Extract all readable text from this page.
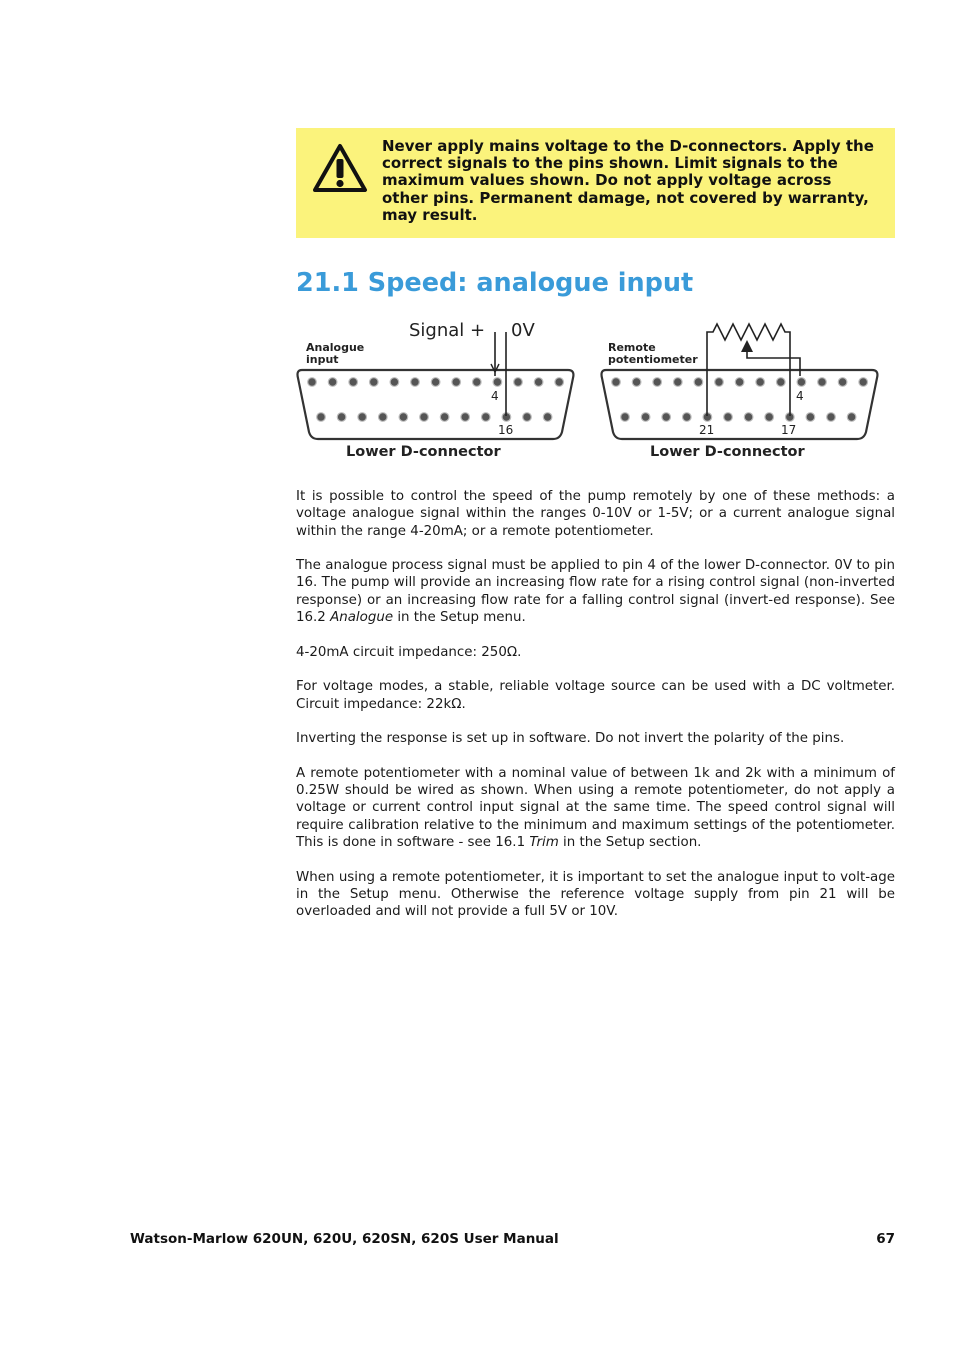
Never apply mains voltage to the D-connectors. Apply the correct signals to the pins shown. Limit signals to the maximum values shown. Do not apply voltage across other pins. Permanent damage, not covered by warranty, may result.
21.1 Speed: analogue input
Analogue
input
Signal + 0V
4
16
Lower D-connector
Remote
potentiometer
4
21	17
Lower D-connector

It is possible to control the speed of the pump remotely by one of these methods: a voltage analogue signal within the ranges 0-10V or 1-5V; or a current analogue signal within the range 4-20mA; or a remote potentiometer.

The analogue process signal must be applied to pin 4 of the lower D-connector. 0V to pin 16. The pump will provide an increasing flow rate for a rising control signal (non-inverted response) or an increasing flow rate for a falling control signal (invert-ed response). See 16.2 Analogue in the Setup menu.

4-20mA circuit impedance: 250Ω.

For voltage modes, a stable, reliable voltage source can be used with a DC voltmeter. Circuit impedance: 22kΩ.

Inverting the response is set up in software. Do not invert the polarity of the pins.

A remote potentiometer with a nominal value of between 1k and 2k with a minimum of 0.25W should be wired as shown. When using a remote potentiometer, do not apply a voltage or current control input signal at the same time. The speed control signal will require calibration relative to the minimum and maximum settings of the potentiometer. This is done in software - see 16.1 Trim in the Setup section.

When using a remote potentiometer, it is important to set the analogue input to volt-age in the Setup menu. Otherwise the reference voltage supply from pin 21 will be overloaded and will not provide a full 5V or 10V.

Watson-Marlow 620UN, 620U, 620SN, 620S User Manual	67
